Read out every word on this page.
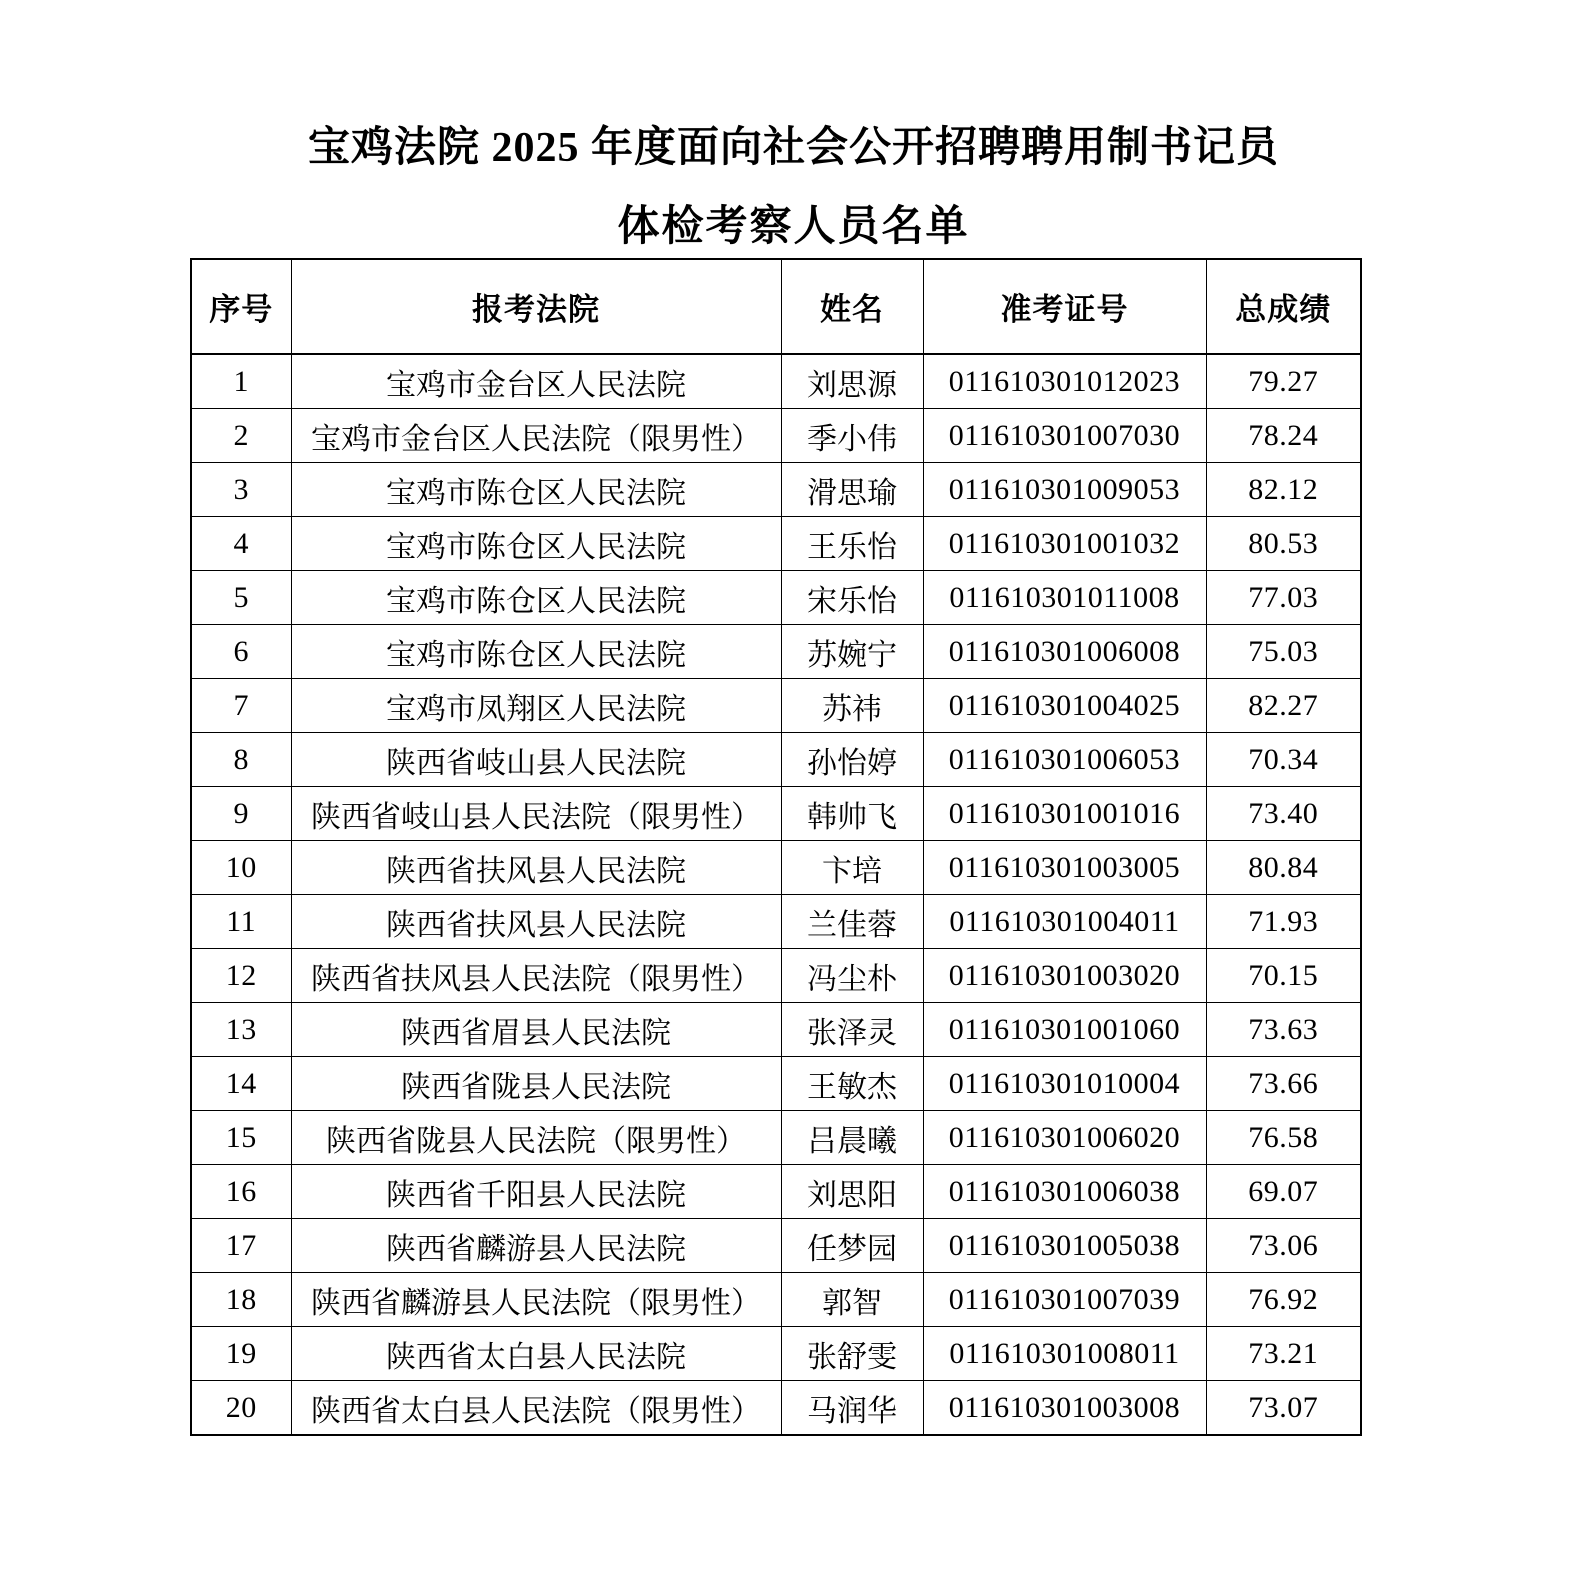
宝鸡法院 2025 年度面向社会公开招聘聘用制书记员
体检考察人员名单
序号	报考法院	姓名	准考证号	总成绩
1	宝鸡市金台区人民法院	刘思源	011610301012023	79.27
2	宝鸡市金台区人民法院（限男性）	季小伟	011610301007030	78.24
3	宝鸡市陈仓区人民法院	滑思瑜	011610301009053	82.12
4	宝鸡市陈仓区人民法院	王乐怡	011610301001032	80.53
5	宝鸡市陈仓区人民法院	宋乐怡	011610301011008	77.03
6	宝鸡市陈仓区人民法院	苏婉宁	011610301006008	75.03
7	宝鸡市凤翔区人民法院	苏祎	011610301004025	82.27
8	陕西省岐山县人民法院	孙怡婷	011610301006053	70.34
9	陕西省岐山县人民法院（限男性）	韩帅飞	011610301001016	73.40
10	陕西省扶风县人民法院	卞培	011610301003005	80.84
11	陕西省扶风县人民法院	兰佳蓉	011610301004011	71.93
12	陕西省扶风县人民法院（限男性）	冯尘朴	011610301003020	70.15
13	陕西省眉县人民法院	张泽灵	011610301001060	73.63
14	陕西省陇县人民法院	王敏杰	011610301010004	73.66
15	陕西省陇县人民法院（限男性）	吕晨曦	011610301006020	76.58
16	陕西省千阳县人民法院	刘思阳	011610301006038	69.07
17	陕西省麟游县人民法院	任梦园	011610301005038	73.06
18	陕西省麟游县人民法院（限男性）	郭智	011610301007039	76.92
19	陕西省太白县人民法院	张舒雯	011610301008011	73.21
20	陕西省太白县人民法院（限男性）	马润华	011610301003008	73.07
